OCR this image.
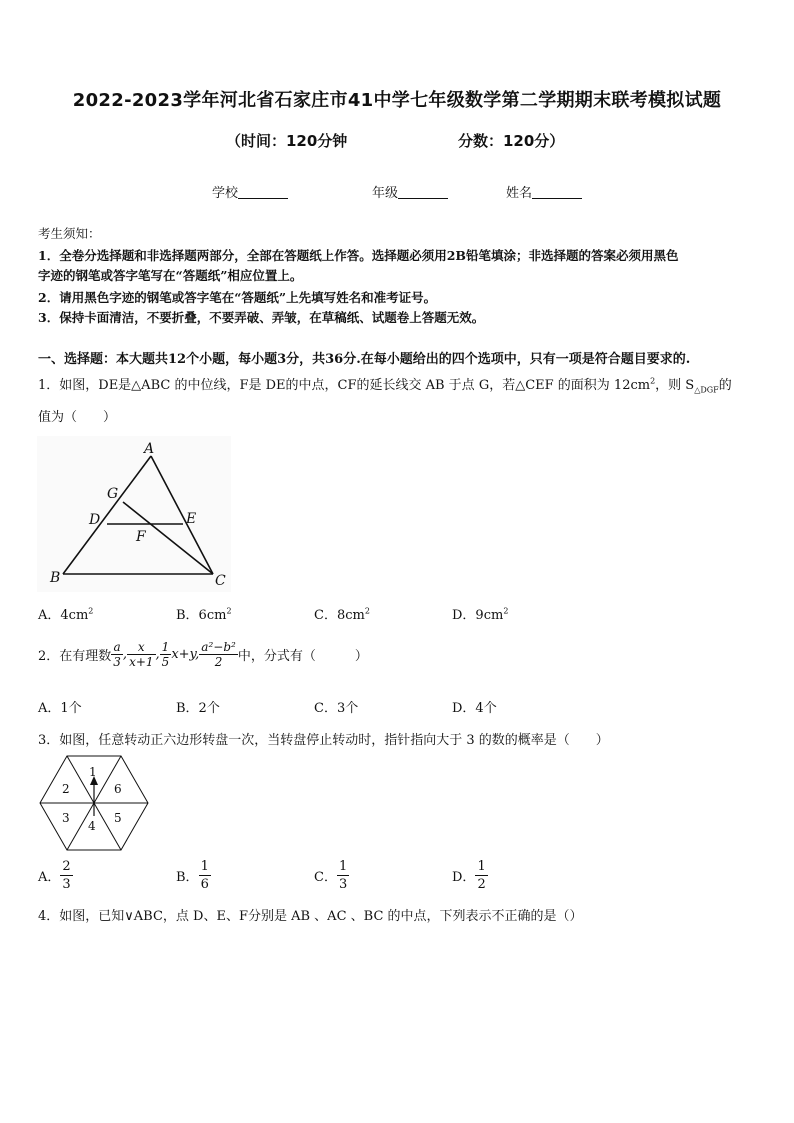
2022-2023学年河北省石家庄市41中学七年级数学第二学期期末联考模拟试题
（时间：120分钟	分数：120分）
学校	年级	姓名
考生须知：
1．全卷分选择题和非选择题两部分，全部在答题纸上作答。选择题必须用2B铅笔填涂；非选择题的答案必须用黑色
字迹的钢笔或答字笔写在“答题纸”相应位置上。
2．请用黑色字迹的钢笔或答字笔在“答题纸”上先填写姓名和准考证号。
3．保持卡面清洁，不要折叠，不要弄破、弄皱，在草稿纸、试题卷上答题无效。
一、选择题：本大题共12个小题，每小题3分，共36分.在每小题给出的四个选项中，只有一项是符合题目要求的.
1．如图，DE是△ABC 的中位线，F是 DE的中点，CF的延长线交 AB 于点 G，若△CEF 的面积为 $12cm^2$，则 $S_{\triangle DGF}$的
值为（　　）
A
G
D	E
F
B	C
A．$4cm^2$	B．$6cm^2$	C．$8cm^2$	D．$9cm^2$
2．在有理数 $\frac{a}{3}$ , $\frac{x}{x+1}$ , $\frac{1}{5} x+y$, $\frac{\text{a²−b²}}{2}$ 中，分式有（　　　）
A．1个	B．2个	C．3个	D．4个
3．如图，任意转动正六边形转盘一次，当转盘停止转动时，指针指向大于 3 的数的概率是（　　）
1
2	6
3
4
5
A． $\frac{2}{3}$	B． $\frac{1}{6}$	C． $\frac{1}{3}$	D． $\frac{1}{2}$
4．如图，已知∨ABC，点 D、E、F分别是 AB 、AC 、BC 的中点，下列表示不正确的是（）
